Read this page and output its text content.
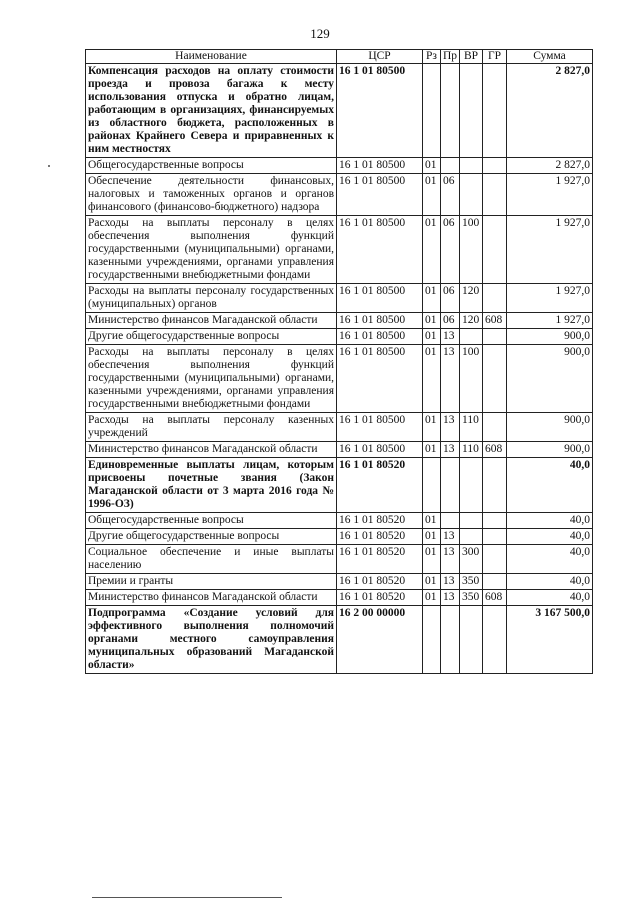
129
Наименование	ЦСР	Рз	Пр	ВР	ГР	Сумма
Компенсация расходов на оплату стоимости проезда и провоза багажа к месту использования отпуска и обратно лицам, работающим в организациях, финансируемых из областного бюджета, расположенных в районах Крайнего Севера и приравненных к ним местностях	16 1 01 80500					2 827,0
Общегосударственные вопросы	16 1 01 80500	01				2 827,0
Обеспечение деятельности финансовых, налоговых и таможенных органов и органов финансового (финансово-бюджетного) надзора	16 1 01 80500	01	06			1 927,0
Расходы на выплаты персоналу в целях обеспечения выполнения функций государственными (муниципальными) органами, казенными учреждениями, органами управления государственными внебюджетными фондами	16 1 01 80500	01	06	100		1 927,0
Расходы на выплаты персоналу государственных (муниципальных) органов	16 1 01 80500	01	06	120		1 927,0
Министерство финансов Магаданской области	16 1 01 80500	01	06	120	608	1 927,0
Другие общегосударственные вопросы	16 1 01 80500	01	13			900,0
Расходы на выплаты персоналу в целях обеспечения выполнения функций государственными (муниципальными) органами, казенными учреждениями, органами управления государственными внебюджетными фондами	16 1 01 80500	01	13	100		900,0
Расходы на выплаты персоналу казенных учреждений	16 1 01 80500	01	13	110		900,0
Министерство финансов Магаданской области	16 1 01 80500	01	13	110	608	900,0
Единовременные выплаты лицам, которым присвоены почетные звания (Закон Магаданской области от 3 марта 2016 года № 1996-ОЗ)	16 1 01 80520					40,0
Общегосударственные вопросы	16 1 01 80520	01				40,0
Другие общегосударственные вопросы	16 1 01 80520	01	13			40,0
Социальное обеспечение и иные выплаты населению	16 1 01 80520	01	13	300		40,0
Премии и гранты	16 1 01 80520	01	13	350		40,0
Министерство финансов Магаданской области	16 1 01 80520	01	13	350	608	40,0
Подпрограмма «Создание условий для эффективного выполнения полномочий органами местного самоуправления муниципальных образований Магаданской области»	16 2 00 00000					3 167 500,0
